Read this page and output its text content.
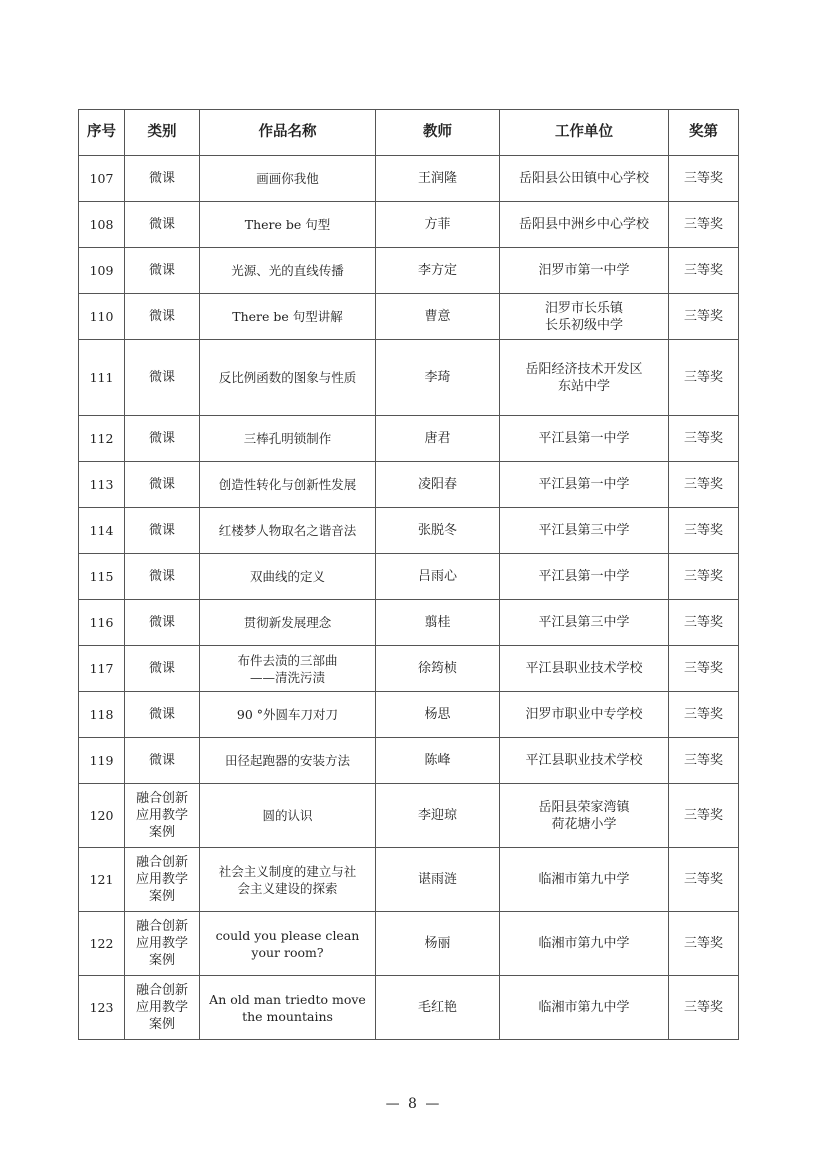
序号	类别	作品名称	教师	工作单位	奖第

107	微课	画画你我他	王润隆	岳阳县公田镇中心学校	三等奖

108	微课	There be 句型	方菲	岳阳县中洲乡中心学校	三等奖

109	微课	光源、光的直线传播	李方定	汨罗市第一中学	三等奖

110	微课	There be 句型讲解	曹意	汨罗市长乐镇
长乐初级中学	三等奖

111	微课	反比例函数的图象与性质	李琦	岳阳经济技术开发区
东站中学	三等奖

112	微课	三棒孔明锁制作	唐君	平江县第一中学	三等奖

113	微课	创造性转化与创新性发展	凌阳春	平江县第一中学	三等奖

114	微课	红楼梦人物取名之谐音法	张脱冬	平江县第三中学	三等奖

115	微课	双曲线的定义	吕雨心	平江县第一中学	三等奖

116	微课	贯彻新发展理念	翦桂	平江县第三中学	三等奖

117	微课	布件去渍的三部曲
——清洗污渍	徐筠桢	平江县职业技术学校	三等奖

118	微课	90 °外圆车刀对刀	杨思	汨罗市职业中专学校	三等奖

119	微课	田径起跑器的安装方法	陈峰	平江县职业技术学校	三等奖

120	融合创新
应用教学
案例	圆的认识	李迎琼	岳阳县荣家湾镇
荷花塘小学	三等奖

121	融合创新
应用教学
案例	社会主义制度的建立与社
会主义建设的探索	谌雨涟	临湘市第九中学	三等奖

122	融合创新
应用教学
案例	could you please clean
your room?	杨丽	临湘市第九中学	三等奖

123	融合创新
应用教学
案例	An old man triedto move
the mountains	毛红艳	临湘市第九中学	三等奖
— 8 —
